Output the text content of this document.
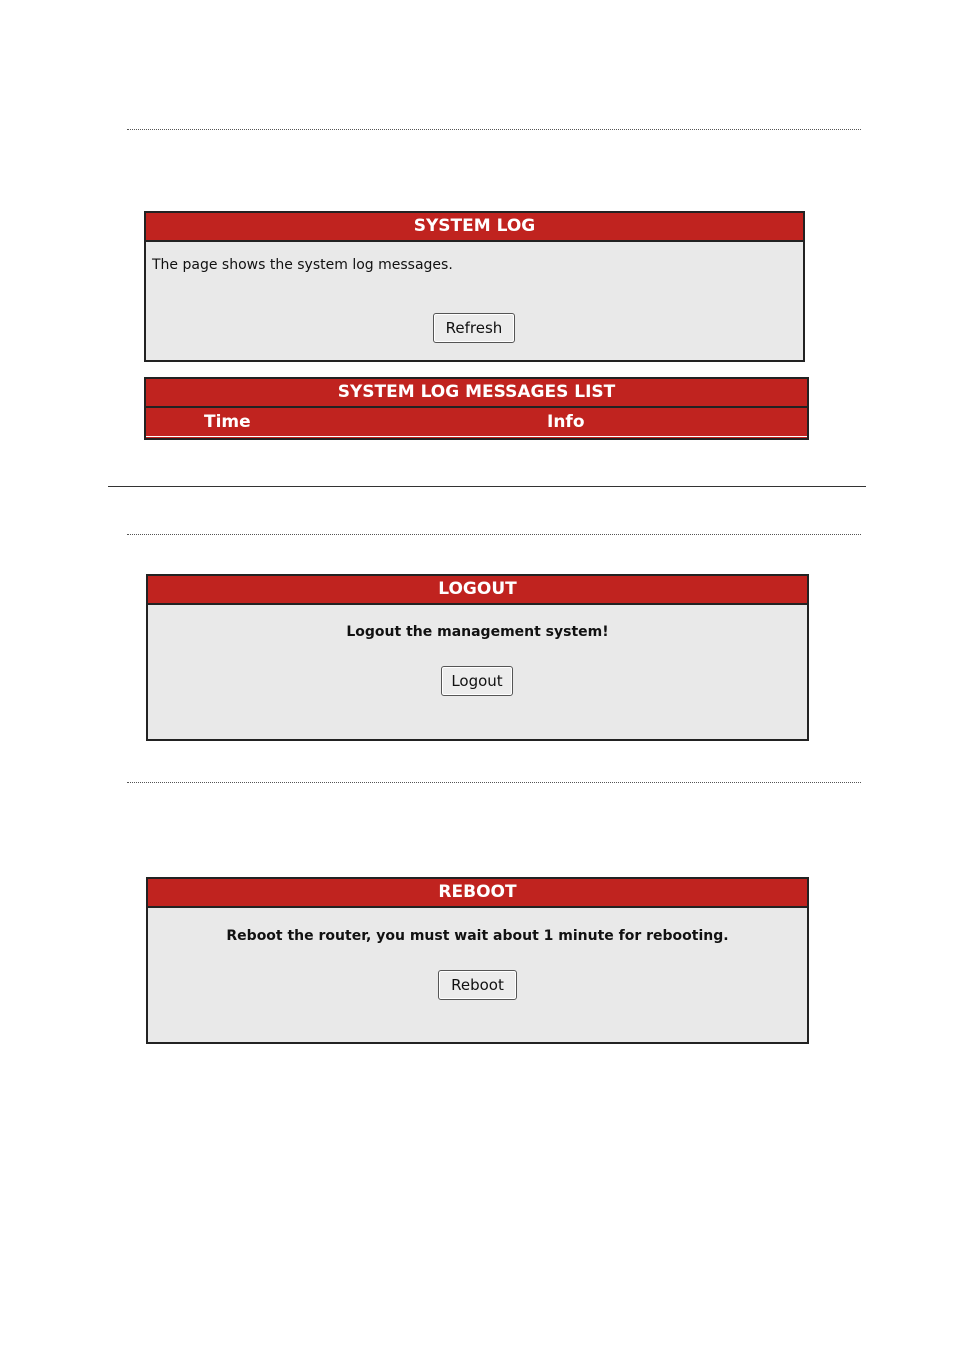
SYSTEM LOG
The page shows the system log messages.
Refresh
SYSTEM LOG MESSAGES LIST
Time	Info
LOGOUT
Logout the management system!
Logout
REBOOT
Reboot the router, you must wait about 1 minute for rebooting.
Reboot
